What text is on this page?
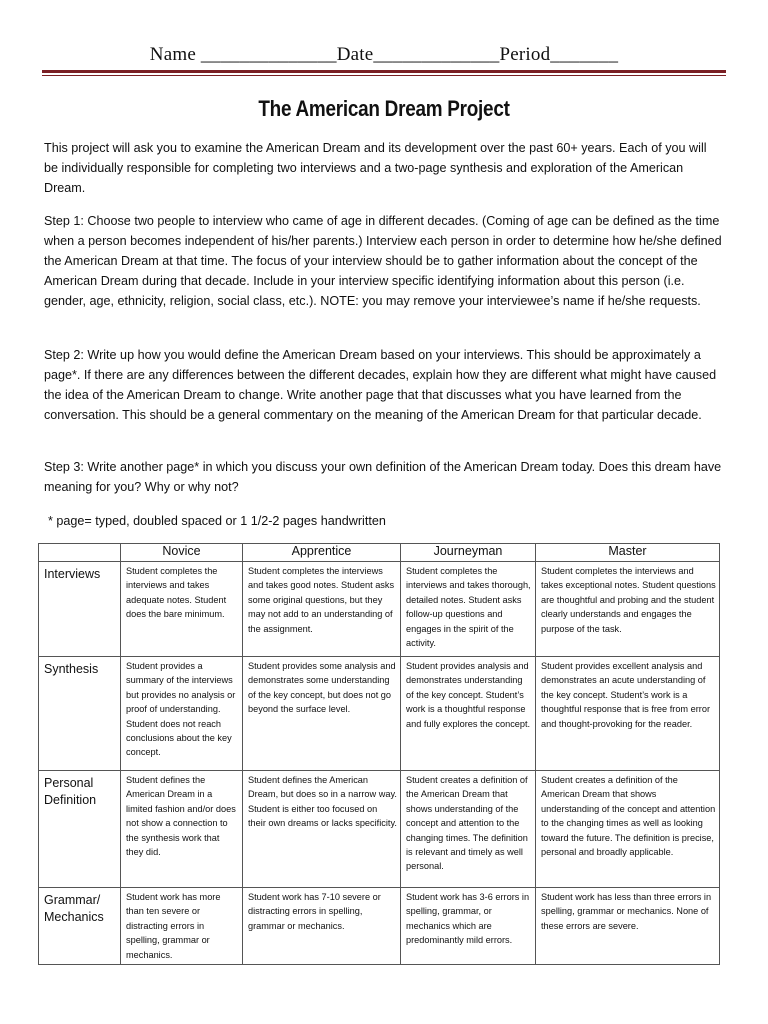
Name ______________Date_____________Period_______
The American Dream Project

This project will ask you to examine the American Dream and its development over the past 60+ years. Each of you will be individually responsible for completing two interviews and a two-page synthesis and exploration of the American Dream.

Step 1: Choose two people to interview who came of age in different decades. (Coming of age can be defined as the time when a person becomes independent of his/her parents.) Interview each person in order to determine how he/she defined the American Dream at that time. The focus of your interview should be to gather information about the concept of the American Dream during that decade. Include in your interview specific identifying information about this person (i.e. gender, age, ethnicity, religion, social class, etc.). NOTE: you may remove your interviewee’s name if he/she requests.

Step 2: Write up how you would define the American Dream based on your interviews. This should be approximately a page*. If there are any differences between the different decades, explain how they are different what might have caused the idea of the American Dream to change. Write another page that that discusses what you have learned from the conversation. This should be a general commentary on the meaning of the American Dream for that particular decade.

Step 3: Write another page* in which you discuss your own definition of the American Dream today. Does this dream have meaning for you? Why or why not?

* page= typed, doubled spaced or 1 1/2-2 pages handwritten

	Novice	Apprentice	Journeyman	Master
Interviews	Student completes the interviews and takes adequate notes. Student does the bare minimum.	Student completes the interviews and takes good notes. Student asks some original questions, but they may not add to an understanding of the assignment.	Student completes the interviews and takes thorough, detailed notes. Student asks follow-up questions and engages in the spirit of the activity.	Student completes the interviews and takes exceptional notes. Student questions are thoughtful and probing and the student clearly understands and engages the purpose of the task.
Synthesis	Student provides a summary of the interviews but provides no analysis or proof of understanding. Student does not reach conclusions about the key concept.	Student provides some analysis and demonstrates some understanding of the key concept, but does not go beyond the surface level.	Student provides analysis and demonstrates understanding of the key concept. Student’s work is a thoughtful response and fully explores the concept.	Student provides excellent analysis and demonstrates an acute understanding of the key concept. Student’s work is a thoughtful response that is free from error and thought-provoking for the reader.
Personal Definition	Student defines the American Dream in a limited fashion and/or does not show a connection to the synthesis work that they did.	Student defines the American Dream, but does so in a narrow way. Student is either too focused on their own dreams or lacks specificity.	Student creates a definition of the American Dream that shows understanding of the concept and attention to the changing times. The definition is relevant and timely as well personal.	Student creates a definition of the American Dream that shows understanding of the concept and attention to the changing times as well as looking toward the future. The definition is precise, personal and broadly applicable.
Grammar/ Mechanics	Student work has more than ten severe or distracting errors in spelling, grammar or mechanics.	Student work has 7-10 severe or distracting errors in spelling, grammar or mechanics.	Student work has 3-6 errors in spelling, grammar, or mechanics which are predominantly mild errors.	Student work has less than three errors in spelling, grammar or mechanics. None of these errors are severe.
